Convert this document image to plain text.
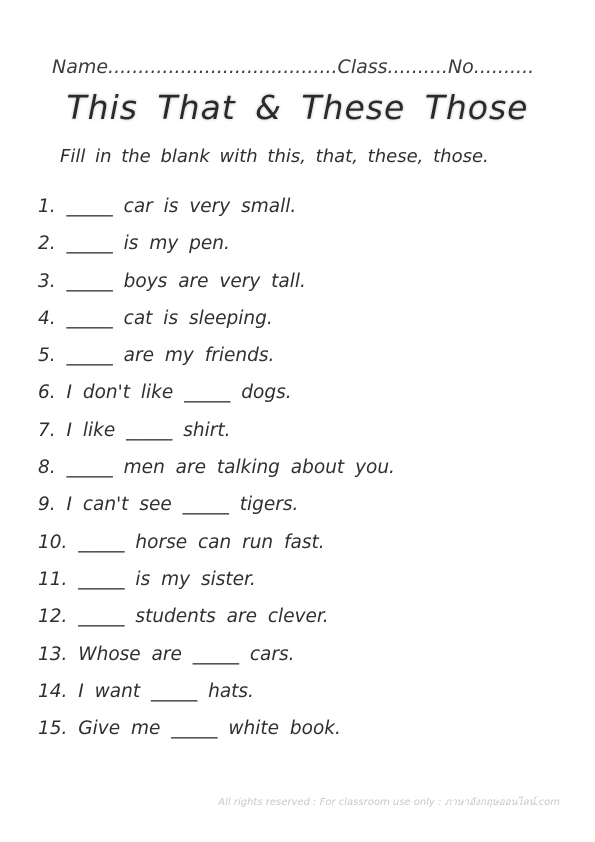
Name......................................Class..........No..........
This That & These Those
Fill in the blank with this, that, these, those.
1. _____ car is very small.
2. _____ is my pen.
3. _____ boys are very tall.
4. _____ cat is sleeping.
5. _____ are my friends.
6. I don't like _____ dogs.
7. I like _____ shirt.
8. _____ men are talking about you.
9. I can't see _____ tigers.
10. _____ horse can run fast.
11. _____ is my sister.
12. _____ students are clever.
13. Whose are _____ cars.
14. I want _____ hats.
15. Give me _____ white book.
All rights reserved : For classroom use only : ภาษาอังกฤษออนไลน์.com
